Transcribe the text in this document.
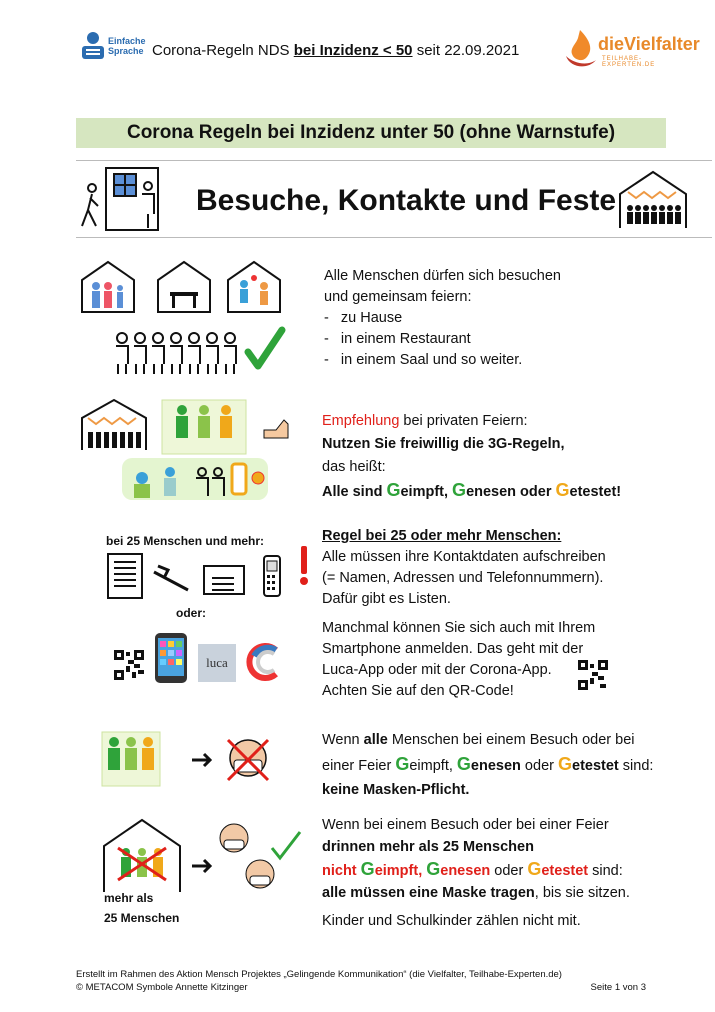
Einfache
Sprache Corona-Regeln NDS bei Inzidenz < 50 seit 22.09.2021	dieVielfalter
TEILHABE-EXPERTEN.DE
Corona Regeln bei Inzidenz unter 50 (ohne Warnstufe)
Besuche, Kontakte und Feste

Alle Menschen dürfen sich besuchen

und gemeinsam feiern:

-   zu Hause

-   in einem Restaurant

-   in einem Saal und so weiter.

Empfehlung bei privaten Feiern:

Nutzen Sie freiwillig die 3G-Regeln,

das heißt:

Alle sind Geimpft, Genesen oder Getestet!

bei 25 Menschen und mehr:
oder:
luca

Regel bei 25 oder mehr Menschen:

Alle müssen ihre Kontaktdaten aufschreiben

(= Namen, Adressen und Telefonnummern).

Dafür gibt es Listen.

Manchmal können Sie sich auch mit Ihrem

Smartphone anmelden. Das geht mit der

Luca-App oder mit der Corona-App.

Achten Sie auf den QR-Code!

Wenn alle Menschen bei einem Besuch oder bei

einer Feier Geimpft, Genesen oder Getestet sind:

keine Masken-Pflicht.

mehr als
25 Menschen

Wenn bei einem Besuch oder bei einer Feier

drinnen mehr als 25 Menschen

nicht Geimpft, Genesen oder Getestet sind:

alle müssen eine Maske tragen, bis sie sitzen.

Kinder und Schulkinder zählen nicht mit.

Erstellt im Rahmen des Aktion Mensch Projektes „Gelingende Kommunikation“ (die Vielfalter, Teilhabe-Experten.de)
© METACOM Symbole Annette Kitzinger	Seite 1 von 3
